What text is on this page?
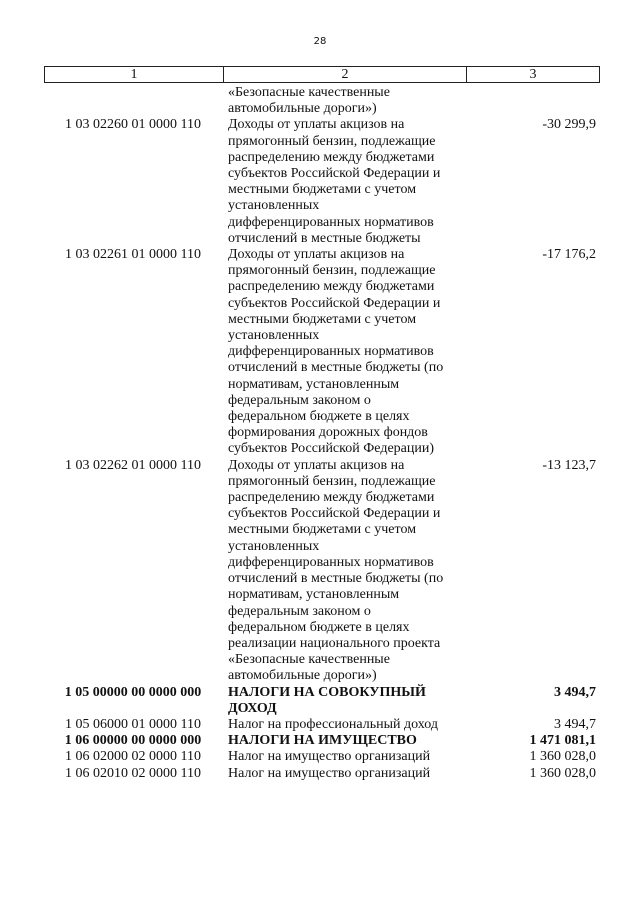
28
1	2	3
«Безопасные качественные
автомобильные дороги»)
1 03 02260 01 0000 110	Доходы от уплаты акцизов на
прямогонный бензин, подлежащие
распределению между бюджетами
субъектов Российской Федерации и
местными бюджетами с учетом
установленных
дифференцированных нормативов
отчислений в местные бюджеты
-30 299,9
1 03 02261 01 0000 110	Доходы от уплаты акцизов на
прямогонный бензин, подлежащие
распределению между бюджетами
субъектов Российской Федерации и
местными бюджетами с учетом
установленных
дифференцированных нормативов
отчислений в местные бюджеты (по
нормативам, установленным
федеральным законом о
федеральном бюджете в целях
формирования дорожных фондов
субъектов Российской Федерации)
-17 176,2
1 03 02262 01 0000 110	Доходы от уплаты акцизов на
прямогонный бензин, подлежащие
распределению между бюджетами
субъектов Российской Федерации и
местными бюджетами с учетом
установленных
дифференцированных нормативов
отчислений в местные бюджеты (по
нормативам, установленным
федеральным законом о
федеральном бюджете в целях
реализации национального проекта
«Безопасные качественные
автомобильные дороги»)
-13 123,7
1 05 00000 00 0000 000	НАЛОГИ НА СОВОКУПНЫЙ
ДОХОД
3 494,7
1 05 06000 01 0000 110	Налог на профессиональный доход	3 494,7
1 06 00000 00 0000 000	НАЛОГИ НА ИМУЩЕСТВО	1 471 081,1
1 06 02000 02 0000 110	Налог на имущество организаций	1 360 028,0
1 06 02010 02 0000 110	Налог на имущество организаций	1 360 028,0
